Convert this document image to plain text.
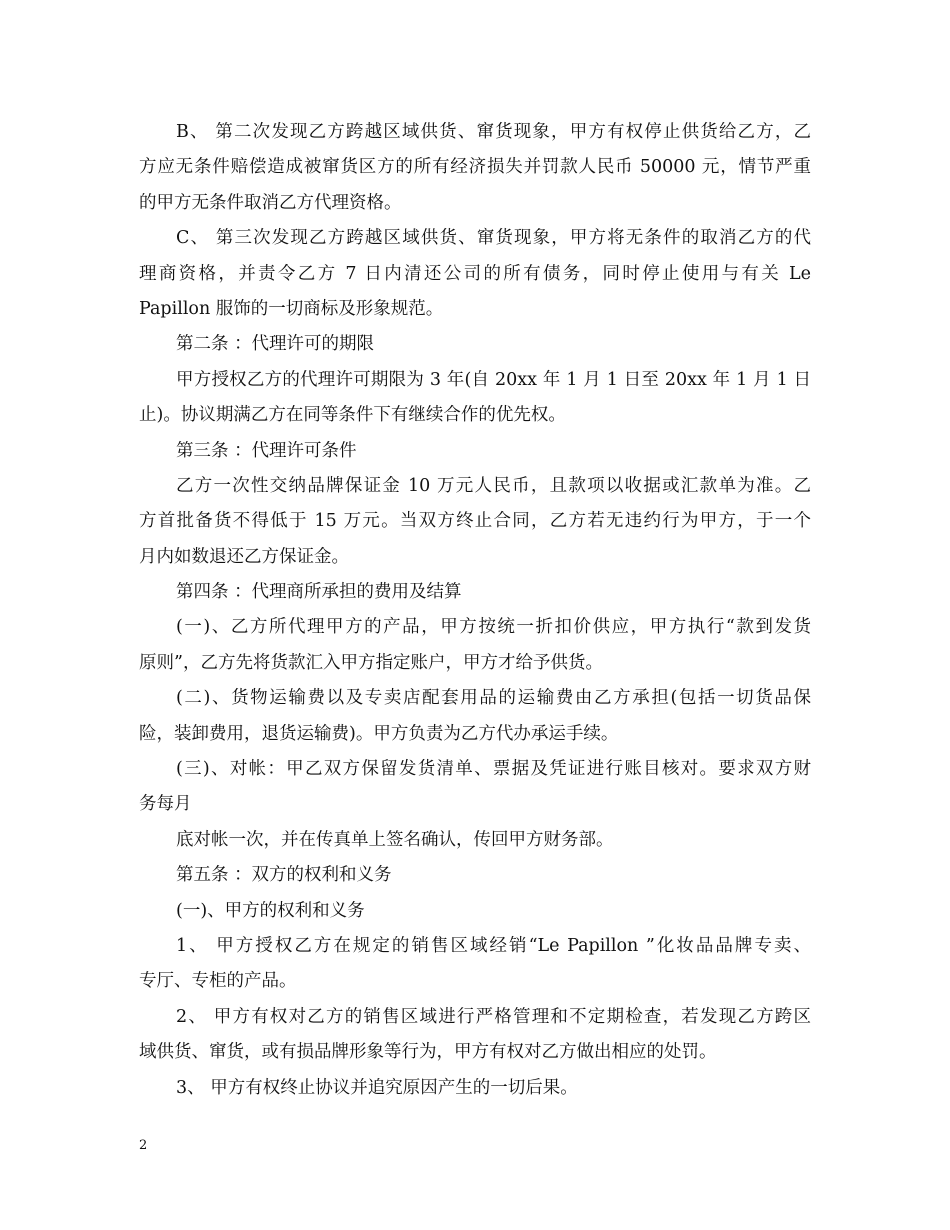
B、 第二次发现乙方跨越区域供货、窜货现象，甲方有权停止供货给乙方，乙
方应无条件赔偿造成被窜货区方的所有经济损失并罚款人民币 50000 元，情节严重
的甲方无条件取消乙方代理资格。
C、 第三次发现乙方跨越区域供货、窜货现象，甲方将无条件的取消乙方的代
理商资格，并责令乙方 7 日内清还公司的所有债务，同时停止使用与有关 Le
Papillon 服饰的一切商标及形象规范。
第二条 ：代理许可的期限
甲方授权乙方的代理许可期限为 3 年(自 20xx 年 1 月 1 日至 20xx 年 1 月 1 日
止)。协议期满乙方在同等条件下有继续合作的优先权。
第三条 ：代理许可条件
乙方一次性交纳品牌保证金 10 万元人民币，且款项以收据或汇款单为准。乙
方首批备货不得低于 15 万元。当双方终止合同，乙方若无违约行为甲方，于一个
月内如数退还乙方保证金。
第四条 ：代理商所承担的费用及结算
(一)、乙方所代理甲方的产品，甲方按统一折扣价供应，甲方执行“款到发货
原则”，乙方先将货款汇入甲方指定账户，甲方才给予供货。
(二)、货物运输费以及专卖店配套用品的运输费由乙方承担(包括一切货品保
险，装卸费用，退货运输费)。甲方负责为乙方代办承运手续。
(三)、对帐：甲乙双方保留发货清单、票据及凭证进行账目核对。要求双方财
务每月
底对帐一次，并在传真单上签名确认，传回甲方财务部。
第五条 ：双方的权利和义务
(一)、甲方的权利和义务
1、 甲方授权乙方在规定的销售区域经销“Le Papillon ”化妆品品牌专卖、
专厅、专柜的产品。
2、 甲方有权对乙方的销售区域进行严格管理和不定期检查，若发现乙方跨区
域供货、窜货，或有损品牌形象等行为，甲方有权对乙方做出相应的处罚。
3、 甲方有权终止协议并追究原因产生的一切后果。
2
